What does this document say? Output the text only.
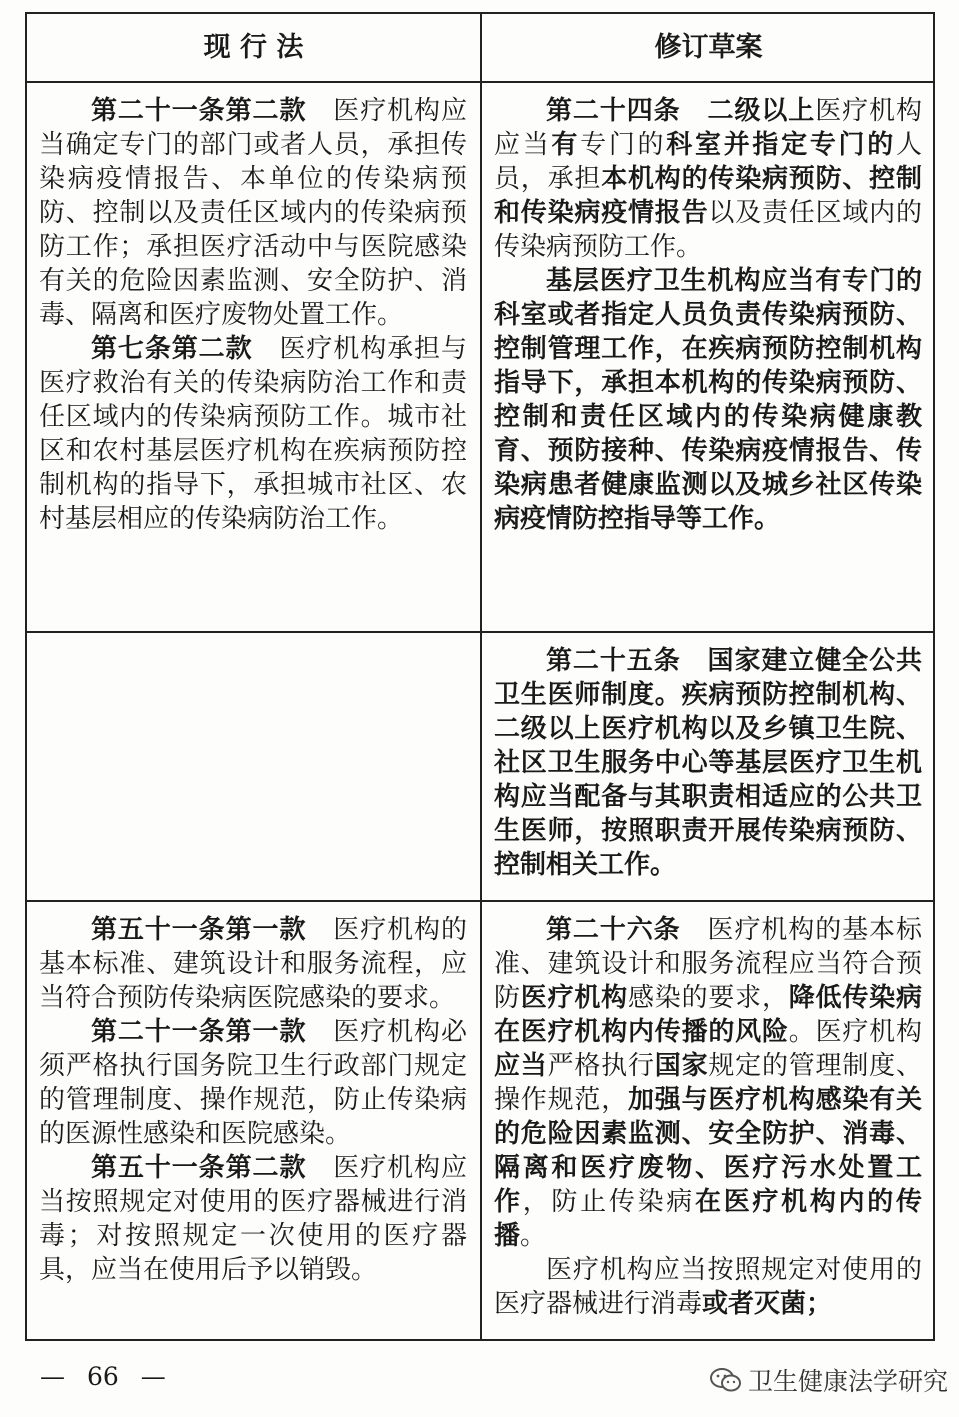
现 行 法	修订草案

第二十一条第二款　医疗机构应当确定专门的部门或者人员，承担传染病疫情报告、本单位的传染病预防、控制以及责任区域内的传染病预防工作；承担医疗活动中与医院感染有关的危险因素监测、安全防护、消毒、隔离和医疗废物处置工作。

第七条第二款　医疗机构承担与医疗救治有关的传染病防治工作和责任区域内的传染病预防工作。城市社区和农村基层医疗机构在疾病预防控制机构的指导下，承担城市社区、农村基层相应的传染病防治工作。

第二十四条　二级以上医疗机构应当有专门的科室并指定专门的人员，承担本机构的传染病预防、控制和传染病疫情报告以及责任区域内的传染病预防工作。

基层医疗卫生机构应当有专门的科室或者指定人员负责传染病预防、控制管理工作，在疾病预防控制机构指导下，承担本机构的传染病预防、控制和责任区域内的传染病健康教育、预防接种、传染病疫情报告、传染病患者健康监测以及城乡社区传染病疫情防控指导等工作。

第二十五条　国家建立健全公共卫生医师制度。疾病预防控制机构、二级以上医疗机构以及乡镇卫生院、社区卫生服务中心等基层医疗卫生机构应当配备与其职责相适应的公共卫生医师，按照职责开展传染病预防、控制相关工作。

第五十一条第一款　医疗机构的基本标准、建筑设计和服务流程，应当符合预防传染病医院感染的要求。

第二十一条第一款　医疗机构必须严格执行国务院卫生行政部门规定的管理制度、操作规范，防止传染病的医源性感染和医院感染。

第五十一条第二款　医疗机构应当按照规定对使用的医疗器械进行消毒；对按照规定一次使用的医疗器具，应当在使用后予以销毁。

第二十六条　医疗机构的基本标准、建筑设计和服务流程应当符合预防医疗机构感染的要求，降低传染病在医疗机构内传播的风险。医疗机构应当严格执行国家规定的管理制度、操作规范，加强与医疗机构感染有关的危险因素监测、安全防护、消毒、隔离和医疗废物、医疗污水处置工作，防止传染病在医疗机构内的传播。

医疗机构应当按照规定对使用的医疗器械进行消毒或者灭菌；

— 66 —	卫生健康法学研究
